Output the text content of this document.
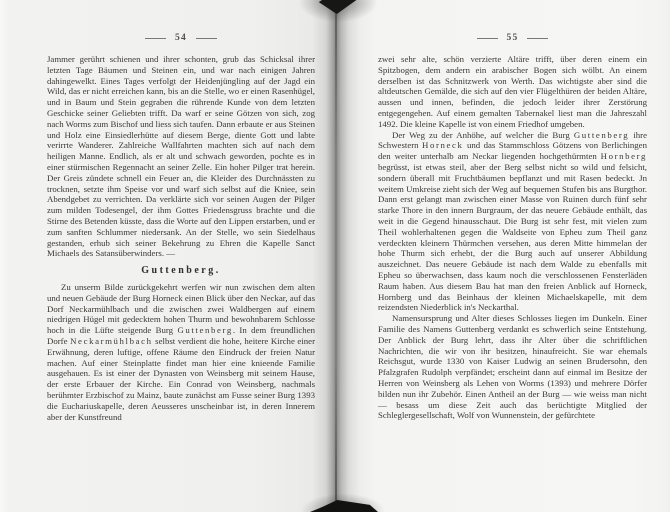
54

Jammer gerührt schienen und ihrer schonten, grub das Schicksal ihrer letzten Tage Bäumen und Steinen ein, und war nach einigen Jahren dahingewelkt. Eines Tages verfolgt der Heidenjüngling auf der Jagd ein Wild, das er nicht erreichen kann, bis an die Stelle, wo er einen Rasenhügel, und in Baum und Stein gegraben die rührende Kunde von dem letzten Geschicke seiner Geliebten trifft. Da warf er seine Götzen von sich, zog nach Worms zum Bischof und liess sich taufen. Dann erbaute er aus Steinen und Holz eine Einsiedlerhütte auf diesem Berge, diente Gott und labte verirrte Wanderer. Zahlreiche Wallfahrten machten sich auf nach dem heiligen Manne. Endlich, als er alt und schwach geworden, pochte es in einer stürmischen Regennacht an seiner Zelle. Ein hoher Pilger trat herein. Der Greis zündete schnell ein Feuer an, die Kleider des Durchnässten zu trocknen, setzte ihm Speise vor und warf sich selbst auf die Kniee, sein Abendgebet zu verrichten. Da verklärte sich vor seinen Augen der Pilger zum milden Todesengel, der ihm Gottes Friedensgruss brachte und die Stirne des Betenden küsste, dass die Worte auf den Lippen erstarben, und er zum sanften Schlummer niedersank. An der Stelle, wo sein Siedelhaus gestanden, erhub sich seiner Bekehrung zu Ehren die Kapelle Sanct Michaels des Satansüberwinders. —

Guttenberg.

Zu unserm Bilde zurückgekehrt werfen wir nun zwischen dem alten und neuen Gebäude der Burg Horneck einen Blick über den Neckar, auf das Dorf Neckarmühlbach und die zwischen zwei Waldbergen auf einem niedrigen Hügel mit gedecktem hohen Thurm und bewohnbarem Schlosse hoch in die Lüfte steigende Burg Guttenberg. In dem freundlichen Dorfe Neckarmühlbach selbst verdient die hohe, heitere Kirche einer Erwähnung, deren luftige, offene Räume den Eindruck der freien Natur machen. Auf einer Steinplatte findet man hier eine knieende Familie ausgehauen. Es ist einer der Dynasten von Weinsberg mit seinem Hause, der erste Erbauer der Kirche. Ein Conrad von Weinsberg, nachmals berühmter Erzbischof zu Mainz, baute zunächst am Fusse seiner Burg 1393 die Euchariuskapelle, deren Aeusseres unscheinbar ist, in deren Innerem aber der Kunstfreund

55

zwei sehr alte, schön verzierte Altäre trifft, über deren einem ein Spitzbogen, dem andern ein arabischer Bogen sich wölbt. An einem derselben ist das Schnitzwerk von Werth. Das wichtigste aber sind die altdeutschen Gemälde, die sich auf den vier Flügelthüren der beiden Altäre, aussen und innen, befinden, die jedoch leider ihrer Zerstörung entgegengehen. Auf einem gemalten Tabernakel liest man die Jahreszahl 1492. Die kleine Kapelle ist von einem Friedhof umgeben.

Der Weg zu der Anhöhe, auf welcher die Burg Guttenberg ihre Schwestern Horneck und das Stammschloss Götzens von Berlichingen den weiter unterhalb am Neckar liegenden hochgethürmten Hornberg begrüsst, ist etwas steil, aber der Berg selbst nicht so wild und felsicht, sondern überall mit Fruchtbäumen bepflanzt und mit Rasen bedeckt. Jn weitem Umkreise zieht sich der Weg auf bequemen Stufen bis ans Burgthor. Dann erst gelangt man zwischen einer Masse von Ruinen durch fünf sehr starke Thore in den innern Burgraum, der das neuere Gebäude enthält, das weit in die Gegend hinausschaut. Die Burg ist sehr fest, mit vielen zum Theil wohlerhaltenen gegen die Waldseite von Epheu zum Theil ganz verdeckten kleinern Thürmchen versehen, aus deren Mitte himmelan der hohe Thurm sich erhebt, der die Burg auch auf unserer Abbildung auszeichnet. Das neuere Gebäude ist nach dem Walde zu ebenfalls mit Epheu so überwachsen, dass kaum noch die verschlossenen Fensterläden Raum haben. Aus diesem Bau hat man den freien Anblick auf Horneck, Hornberg und das Beinhaus der kleinen Michaelskapelle, mit dem reizendsten Niederblick in's Neckarthal.

Namensursprung und Alter dieses Schlosses liegen im Dunkeln. Einer Familie des Namens Guttenberg verdankt es schwerlich seine Entstehung. Der Anblick der Burg lehrt, dass ihr Alter über die schriftlichen Nachrichten, die wir von ihr besitzen, hinaufreicht. Sie war ehemals Reichsgut, wurde 1330 von Kaiser Ludwig an seinen Brudersohn, den Pfalzgrafen Rudolph verpfändet; erscheint dann auf einmal im Besitze der Herren von Weinsberg als Lehen von Worms (1393) und mehrere Dörfer bilden nun ihr Zubehör. Einen Antheil an der Burg — wie weiss man nicht — besass um diese Zeit auch das berüchtigte Mitglied der Schleglergesellschaft, Wolf von Wunnenstein, der gefürchtete
